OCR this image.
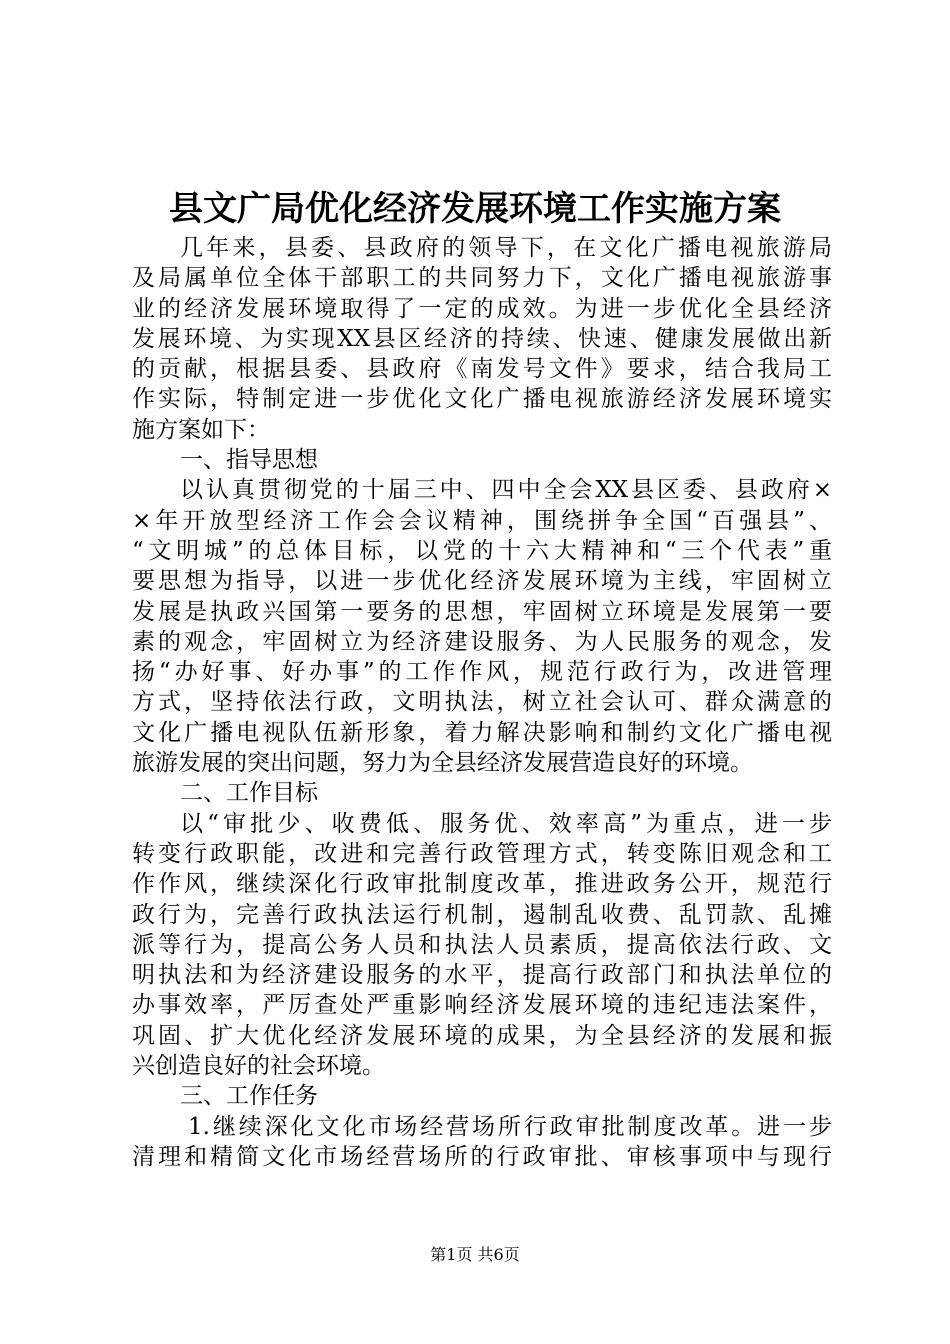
县文广局优化经济发展环境工作实施方案
几年来，县委、县政府的领导下，在文化广播电视旅游局
及局属单位全体干部职工的共同努力下，文化广播电视旅游事
业的经济发展环境取得了一定的成效。为进一步优化全县经济
发展环境、为实现XX县区经济的持续、快速、健康发展做出新
的贡献，根据县委、县政府《南发号文件》要求，结合我局工
作实际，特制定进一步优化文化广播电视旅游经济发展环境实
施方案如下：
一、指导思想
以认真贯彻党的十届三中、四中全会XX县区委、县政府×
×年开放型经济工作会会议精神，围绕拼争全国“百强县”、
“文明城”的总体目标，以党的十六大精神和“三个代表”重
要思想为指导，以进一步优化经济发展环境为主线，牢固树立
发展是执政兴国第一要务的思想，牢固树立环境是发展第一要
素的观念，牢固树立为经济建设服务、为人民服务的观念，发
扬“办好事、好办事”的工作作风，规范行政行为，改进管理
方式，坚持依法行政，文明执法，树立社会认可、群众满意的
文化广播电视队伍新形象，着力解决影响和制约文化广播电视
旅游发展的突出问题，努力为全县经济发展营造良好的环境。
二、工作目标
以“审批少、收费低、服务优、效率高”为重点，进一步
转变行政职能，改进和完善行政管理方式，转变陈旧观念和工
作作风，继续深化行政审批制度改革，推进政务公开，规范行
政行为，完善行政执法运行机制，遏制乱收费、乱罚款、乱摊
派等行为，提高公务人员和执法人员素质，提高依法行政、文
明执法和为经济建设服务的水平，提高行政部门和执法单位的
办事效率，严厉查处严重影响经济发展环境的违纪违法案件，
巩固、扩大优化经济发展环境的成果，为全县经济的发展和振
兴创造良好的社会环境。
三、工作任务
1.继续深化文化市场经营场所行政审批制度改革。进一步
清理和精简文化市场经营场所的行政审批、审核事项中与现行
第1页 共6页
